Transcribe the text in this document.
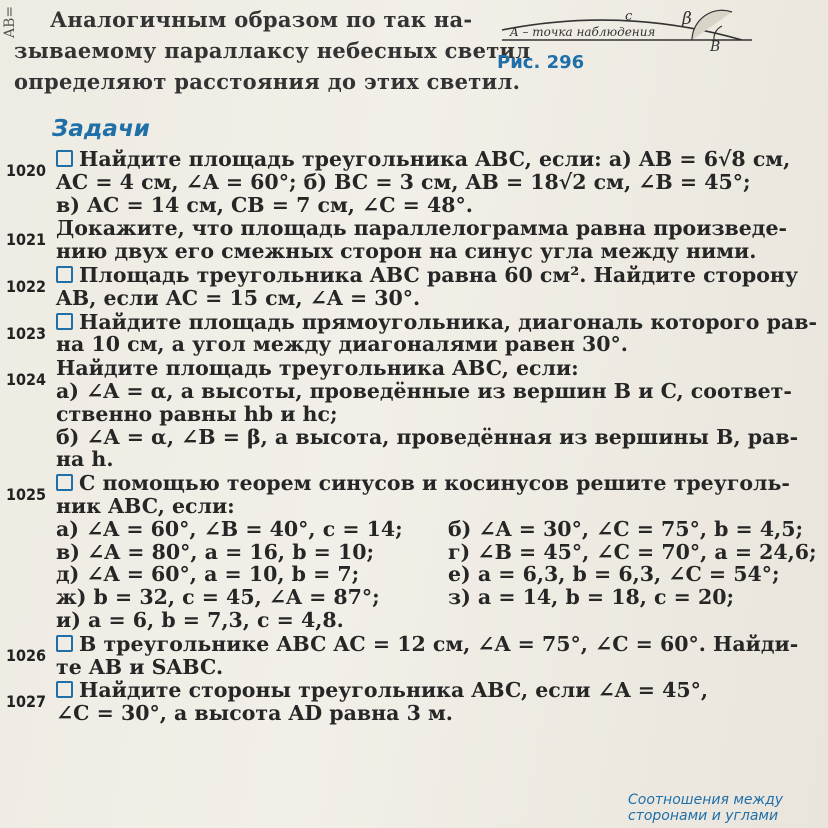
AB=	Аналогичным образом по так на-
зываемому параллаксу небесных светил
определяют расстояния до этих светил.
c	β
A – точка наблюдения
B
Рис. 296
Задачи
1020	Найдите площадь треугольника ABC, если: а) AB = 6√8 см,
AC = 4 см, ∠A = 60°; б) BC = 3 см, AB = 18√2 см, ∠B = 45°;
в) AC = 14 см, CB = 7 см, ∠C = 48°.
1021 Докажите, что площадь параллелограмма равна произведе-
нию двух его смежных сторон на синус угла между ними.
1022	Площадь треугольника ABC равна 60 см². Найдите сторону
AB, если AC = 15 см, ∠A = 30°.
1023	Найдите площадь прямоугольника, диагональ которого рав-
на 10 см, а угол между диагоналями равен 30°.
1024 Найдите площадь треугольника ABC, если:
а) ∠A = α, а высоты, проведённые из вершин B и C, соответ-
ственно равны hb и hc;
б) ∠A = α, ∠B = β, а высота, проведённая из вершины B, рав-
на h.
1025	С помощью теорем синусов и косинусов решите треуголь-
ник ABC, если:
а) ∠A = 60°, ∠B = 40°, c = 14;	б) ∠A = 30°, ∠C = 75°, b = 4,5;
в) ∠A = 80°, a = 16, b = 10;	г) ∠B = 45°, ∠C = 70°, a = 24,6;
д) ∠A = 60°, a = 10, b = 7;	е) a = 6,3, b = 6,3, ∠C = 54°;
ж) b = 32, c = 45, ∠A = 87°;	з) a = 14, b = 18, c = 20;
и) a = 6, b = 7,3, c = 4,8.
1026	В треугольнике ABC AC = 12 см, ∠A = 75°, ∠C = 60°. Найди-
те AB и SABC.
1027	Найдите стороны треугольника ABC, если ∠A = 45°,
∠C = 30°, а высота AD равна 3 м.
Соотношения между
сторонами и углами
